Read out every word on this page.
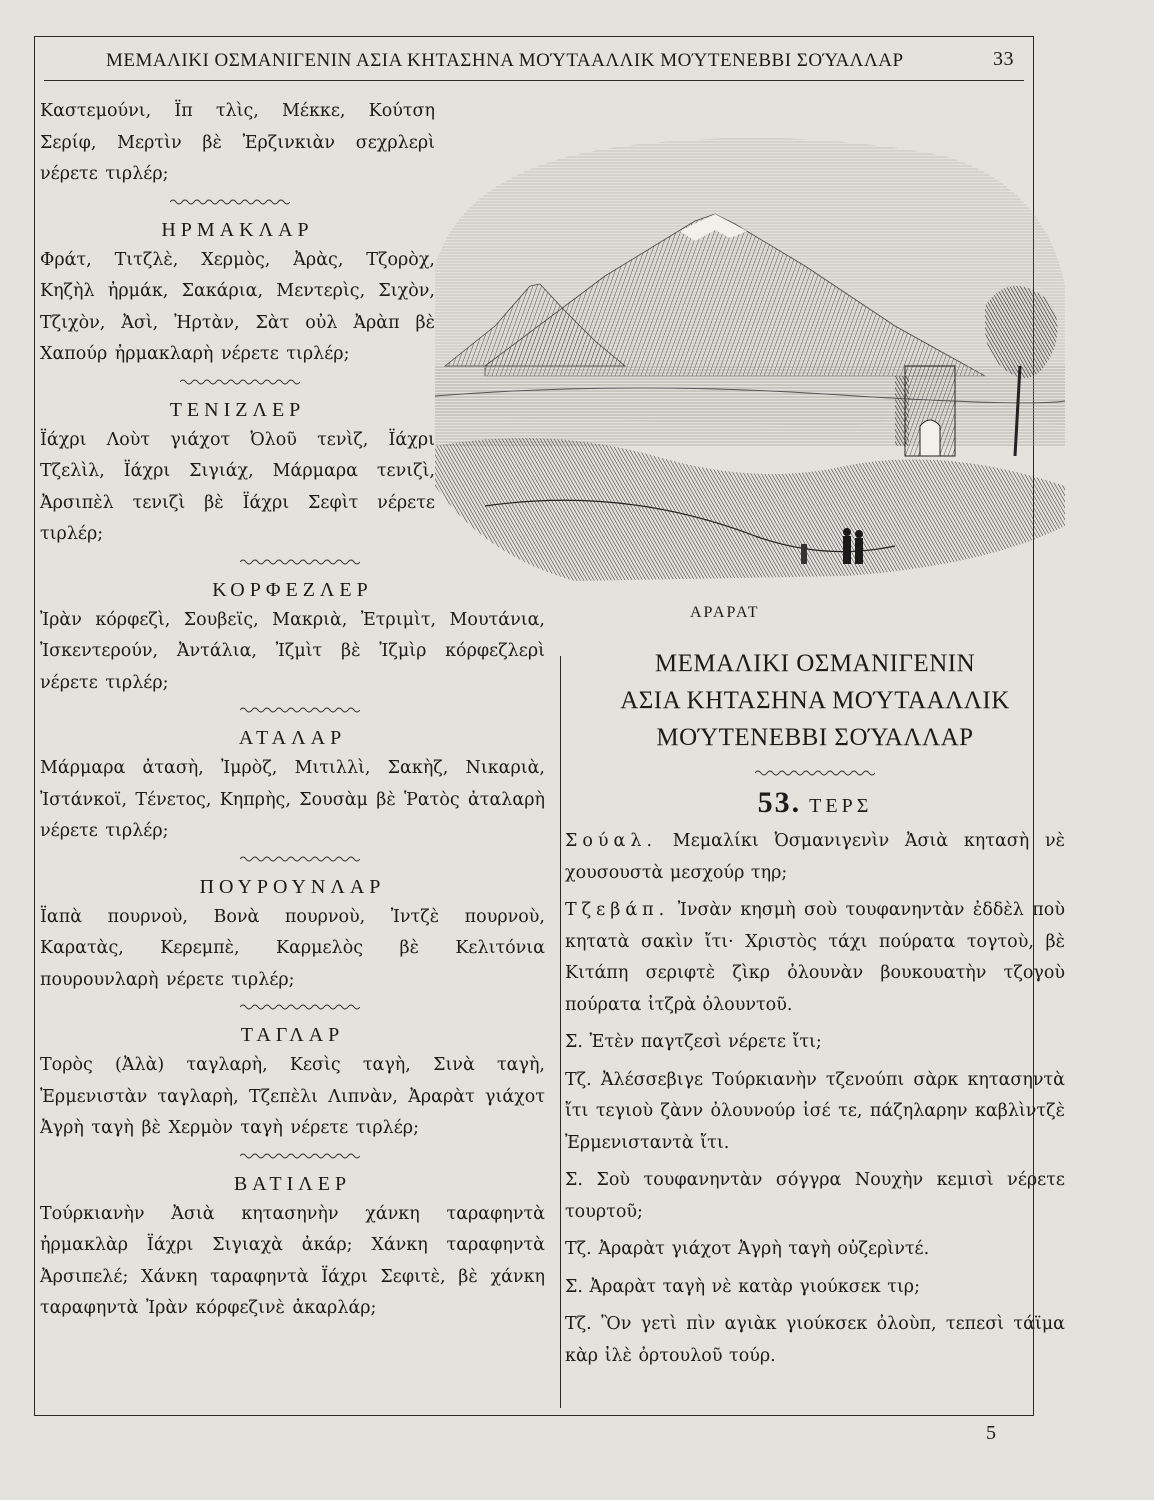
ΜΕΜΑΛΙΚΙ ΟΣΜΑΝΙΓΕΝΙΝ ΑΣΙΑ ΚΗΤΑΣΗΝΑ ΜΟΎΤΑΑΛΛΙΚ ΜΟΎΤΕΝΕΒΒΙ ΣΟΎΑΛΛΑΡ	33

Καστεμούνι, Ϊπ τλὶς, Μέκκε, Κούτση Σερίφ, Μερτὶν βὲ Ἐρζινκιὰν σεχρλερὶ νέρετε τιρλέρ;

ΗΡΜΑΚΛΑΡ

Φράτ, Τιτζλὲ, Χερμὸς, Ἀρὰς, Τζορὸχ, Κηζὴλ ἠρμάκ, Σακάρια, Μεντερὶς, Σιχὸν, Τζιχὸν, Ἀσὶ, Ἠρτὰν, Σὰτ οὐλ Ἀρὰπ βὲ Χαπούρ ἠρμακλαρὴ νέρετε τιρλέρ;

ΤΕΝΙΖΛΕΡ

Ϊάχρι Λοὺτ γιάχοτ Ὀλοῦ τενὶζ, Ϊάχρι Τζελὶλ, Ϊάχρι Σιγιάχ, Μάρμαρα τενιζὶ, Ἀρσιπὲλ τενιζὶ βὲ Ϊάχρι Σεφὶτ νέρετε τιρλέρ;

ΚΟΡΦΕΖΛΕΡ

Ἰρὰν κόρφεζὶ, Σουβεϊς, Μακριὰ, Ἐτριμὶτ, Μουτάνια, Ἰσκεντερούν, Ἀντάλια, Ἰζμὶτ βὲ Ἰζμὶρ κόρφεζλερὶ νέρετε τιρλέρ;

ΑΤΑΛΑΡ

Μάρμαρα ἀτασὴ, Ἰμρὸζ, Μιτιλλὶ, Σακὴζ, Νικαριὰ, Ἰστάνκοϊ, Τένετος, Κηπρὴς, Σουσὰμ βὲ Ῥατὸς ἀταλαρὴ νέρετε τιρλέρ;

ΠΟΥΡΟΥΝΛΑΡ

Ϊαπὰ πουρνοὺ, Βονὰ πουρνοὺ, Ἰντζὲ πουρνοὺ, Καρατὰς, Κερεμπὲ, Καρμελὸς βὲ Κελιτόνια πουρουνλαρὴ νέρετε τιρλέρ;

ΤΑΓΛΑΡ

Τορὸς (Ἀλὰ) ταγλαρὴ, Κεσὶς ταγὴ, Σινὰ ταγὴ, Ἐρμενιστὰν ταγλαρὴ, Τζεπὲλι Λιπνὰν, Ἀραρὰτ γιάχοτ Ἀγρὴ ταγὴ βὲ Χερμὸν ταγὴ νέρετε τιρλέρ;

ΒΑΤΙΛΕΡ

Τούρκιανὴν Ἀσιὰ κητασηνὴν χάνκη ταραφηντὰ ἠρμακλὰρ Ϊάχρι Σιγιαχὰ ἀκάρ; Χάνκη ταραφηντὰ Ἀρσιπελέ; Χάνκη ταραφηντὰ Ϊάχρι Σεφιτὲ, βὲ χάνκη ταραφηντὰ Ἰρὰν κόρφεζινὲ ἀκαρλάρ;

ΑΡΑΡΑΤ

ΜΕΜΑΛΙΚΙ ΟΣΜΑΝΙΓΕΝΙΝ

ΑΣΙΑ ΚΗΤΑΣΗΝΑ ΜΟΎΤΑΑΛΛΙΚ

ΜΟΎΤΕΝΕΒΒΙ ΣΟΎΑΛΛΑΡ

53. ΤΕΡΣ

Σούαλ. Μεμαλίκι Ὀσμανιγενὶν Ἀσιὰ κητασὴ νὲ χουσουστὰ μεσχούρ τηρ;

Τζεβάπ. Ἰνσὰν κησμὴ σοὺ τουφανηντὰν ἐδδὲλ ποὺ κητατὰ σακὶν ἴτι· Χριστὸς τάχι πούρατα τογτοὺ, βὲ Κιτάπη σεριφτὲ ζὶκρ ὀλουνὰν βουκουατὴν τζογοὺ πούρατα ἰτζρὰ ὀλουντοῦ.

Σ. Ἐτὲν παγτζεσὶ νέρετε ἴτι;

Τζ. Ἀλέσσεβιγε Τούρκιανὴν τζενούπι σὰρκ κητασηντὰ ἴτι τεγιοὺ ζὰνν ὀλουνούρ ἰσέ τε, πάζηλαρην καβλὶντζὲ Ἐρμενισταντὰ ἴτι.

Σ. Σοὺ τουφανηντὰν σόγγρα Νουχὴν κεμισὶ νέρετε τουρτοῦ;

Τζ. Ἀραρὰτ γιάχοτ Ἀγρὴ ταγὴ οὐζερὶντέ.

Σ. Ἀραρὰτ ταγὴ νὲ κατὰρ γιούκσεκ τιρ;

Τζ. Ὂν γετὶ πὶν αγιὰκ γιούκσεκ ὀλοὺπ, τεπεσὶ τάϊμα κὰρ ἰλὲ ὀρτουλοῦ τούρ.

5
